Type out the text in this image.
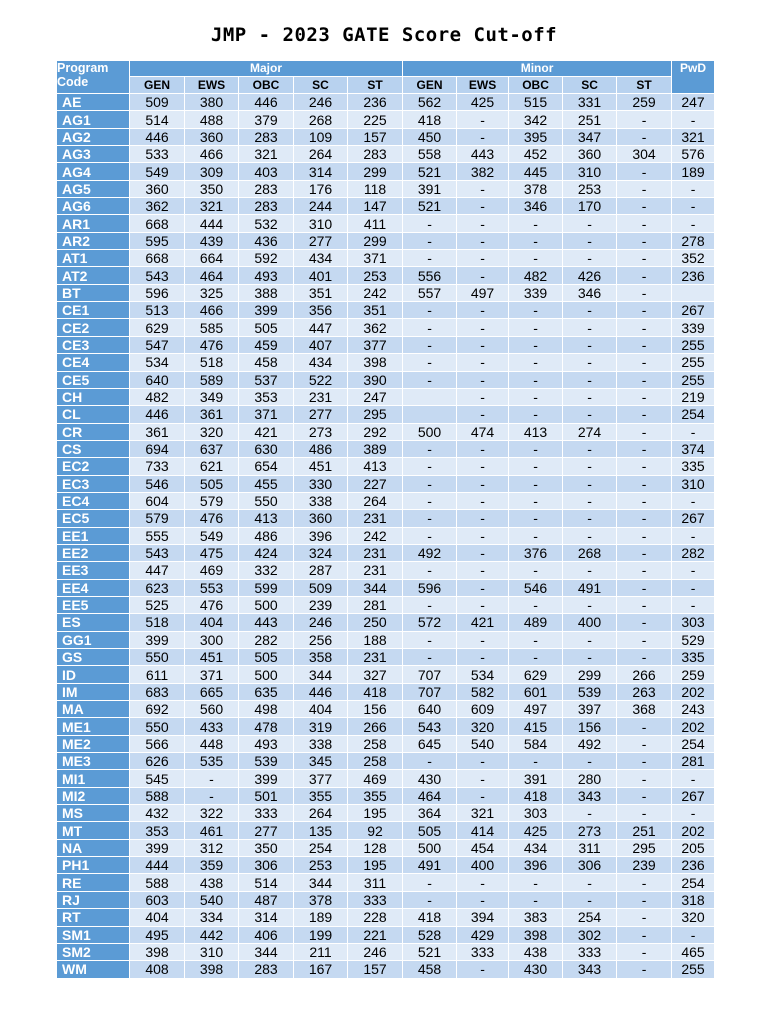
JMP - 2023 GATE Score Cut-off
Program Code	Major					Minor					PwD
	GEN	EWS	OBC	SC	ST	GEN	EWS	OBC	SC	ST	
AE	509	380	446	246	236	562	425	515	331	259	247
AG1	514	488	379	268	225	418	-	342	251	-	-
AG2	446	360	283	109	157	450	-	395	347	-	321
AG3	533	466	321	264	283	558	443	452	360	304	576
AG4	549	309	403	314	299	521	382	445	310	-	189
AG5	360	350	283	176	118	391	-	378	253	-	-
AG6	362	321	283	244	147	521	-	346	170	-	-
AR1	668	444	532	310	411	-	-	-	-	-	-
AR2	595	439	436	277	299	-	-	-	-	-	278
AT1	668	664	592	434	371	-	-	-	-	-	352
AT2	543	464	493	401	253	556	-	482	426	-	236
BT	596	325	388	351	242	557	497	339	346	-	
CE1	513	466	399	356	351	-	-	-	-	-	267
CE2	629	585	505	447	362	-	-	-	-	-	339
CE3	547	476	459	407	377	-	-	-	-	-	255
CE4	534	518	458	434	398	-	-	-	-	-	255
CE5	640	589	537	522	390	-	-	-	-	-	255
CH	482	349	353	231	247		-	-	-	-	219
CL	446	361	371	277	295		-	-	-	-	254
CR	361	320	421	273	292	500	474	413	274	-	-
CS	694	637	630	486	389	-	-	-	-	-	374
EC2	733	621	654	451	413	-	-	-	-	-	335
EC3	546	505	455	330	227	-	-	-	-	-	310
EC4	604	579	550	338	264	-	-	-	-	-	-
EC5	579	476	413	360	231	-	-	-	-	-	267
EE1	555	549	486	396	242	-	-	-	-	-	-
EE2	543	475	424	324	231	492	-	376	268	-	282
EE3	447	469	332	287	231	-	-	-	-	-	-
EE4	623	553	599	509	344	596	-	546	491	-	-
EE5	525	476	500	239	281	-	-	-	-	-	-
ES	518	404	443	246	250	572	421	489	400	-	303
GG1	399	300	282	256	188	-	-	-	-	-	529
GS	550	451	505	358	231	-	-	-	-	-	335
ID	611	371	500	344	327	707	534	629	299	266	259
IM	683	665	635	446	418	707	582	601	539	263	202
MA	692	560	498	404	156	640	609	497	397	368	243
ME1	550	433	478	319	266	543	320	415	156	-	202
ME2	566	448	493	338	258	645	540	584	492	-	254
ME3	626	535	539	345	258	-	-	-	-	-	281
MI1	545	-	399	377	469	430	-	391	280	-	-
MI2	588	-	501	355	355	464	-	418	343	-	267
MS	432	322	333	264	195	364	321	303	-	-	-
MT	353	461	277	135	92	505	414	425	273	251	202
NA	399	312	350	254	128	500	454	434	311	295	205
PH1	444	359	306	253	195	491	400	396	306	239	236
RE	588	438	514	344	311	-	-	-	-	-	254
RJ	603	540	487	378	333	-	-	-	-	-	318
RT	404	334	314	189	228	418	394	383	254	-	320
SM1	495	442	406	199	221	528	429	398	302	-	-
SM2	398	310	344	211	246	521	333	438	333	-	465
WM	408	398	283	167	157	458	-	430	343	-	255
